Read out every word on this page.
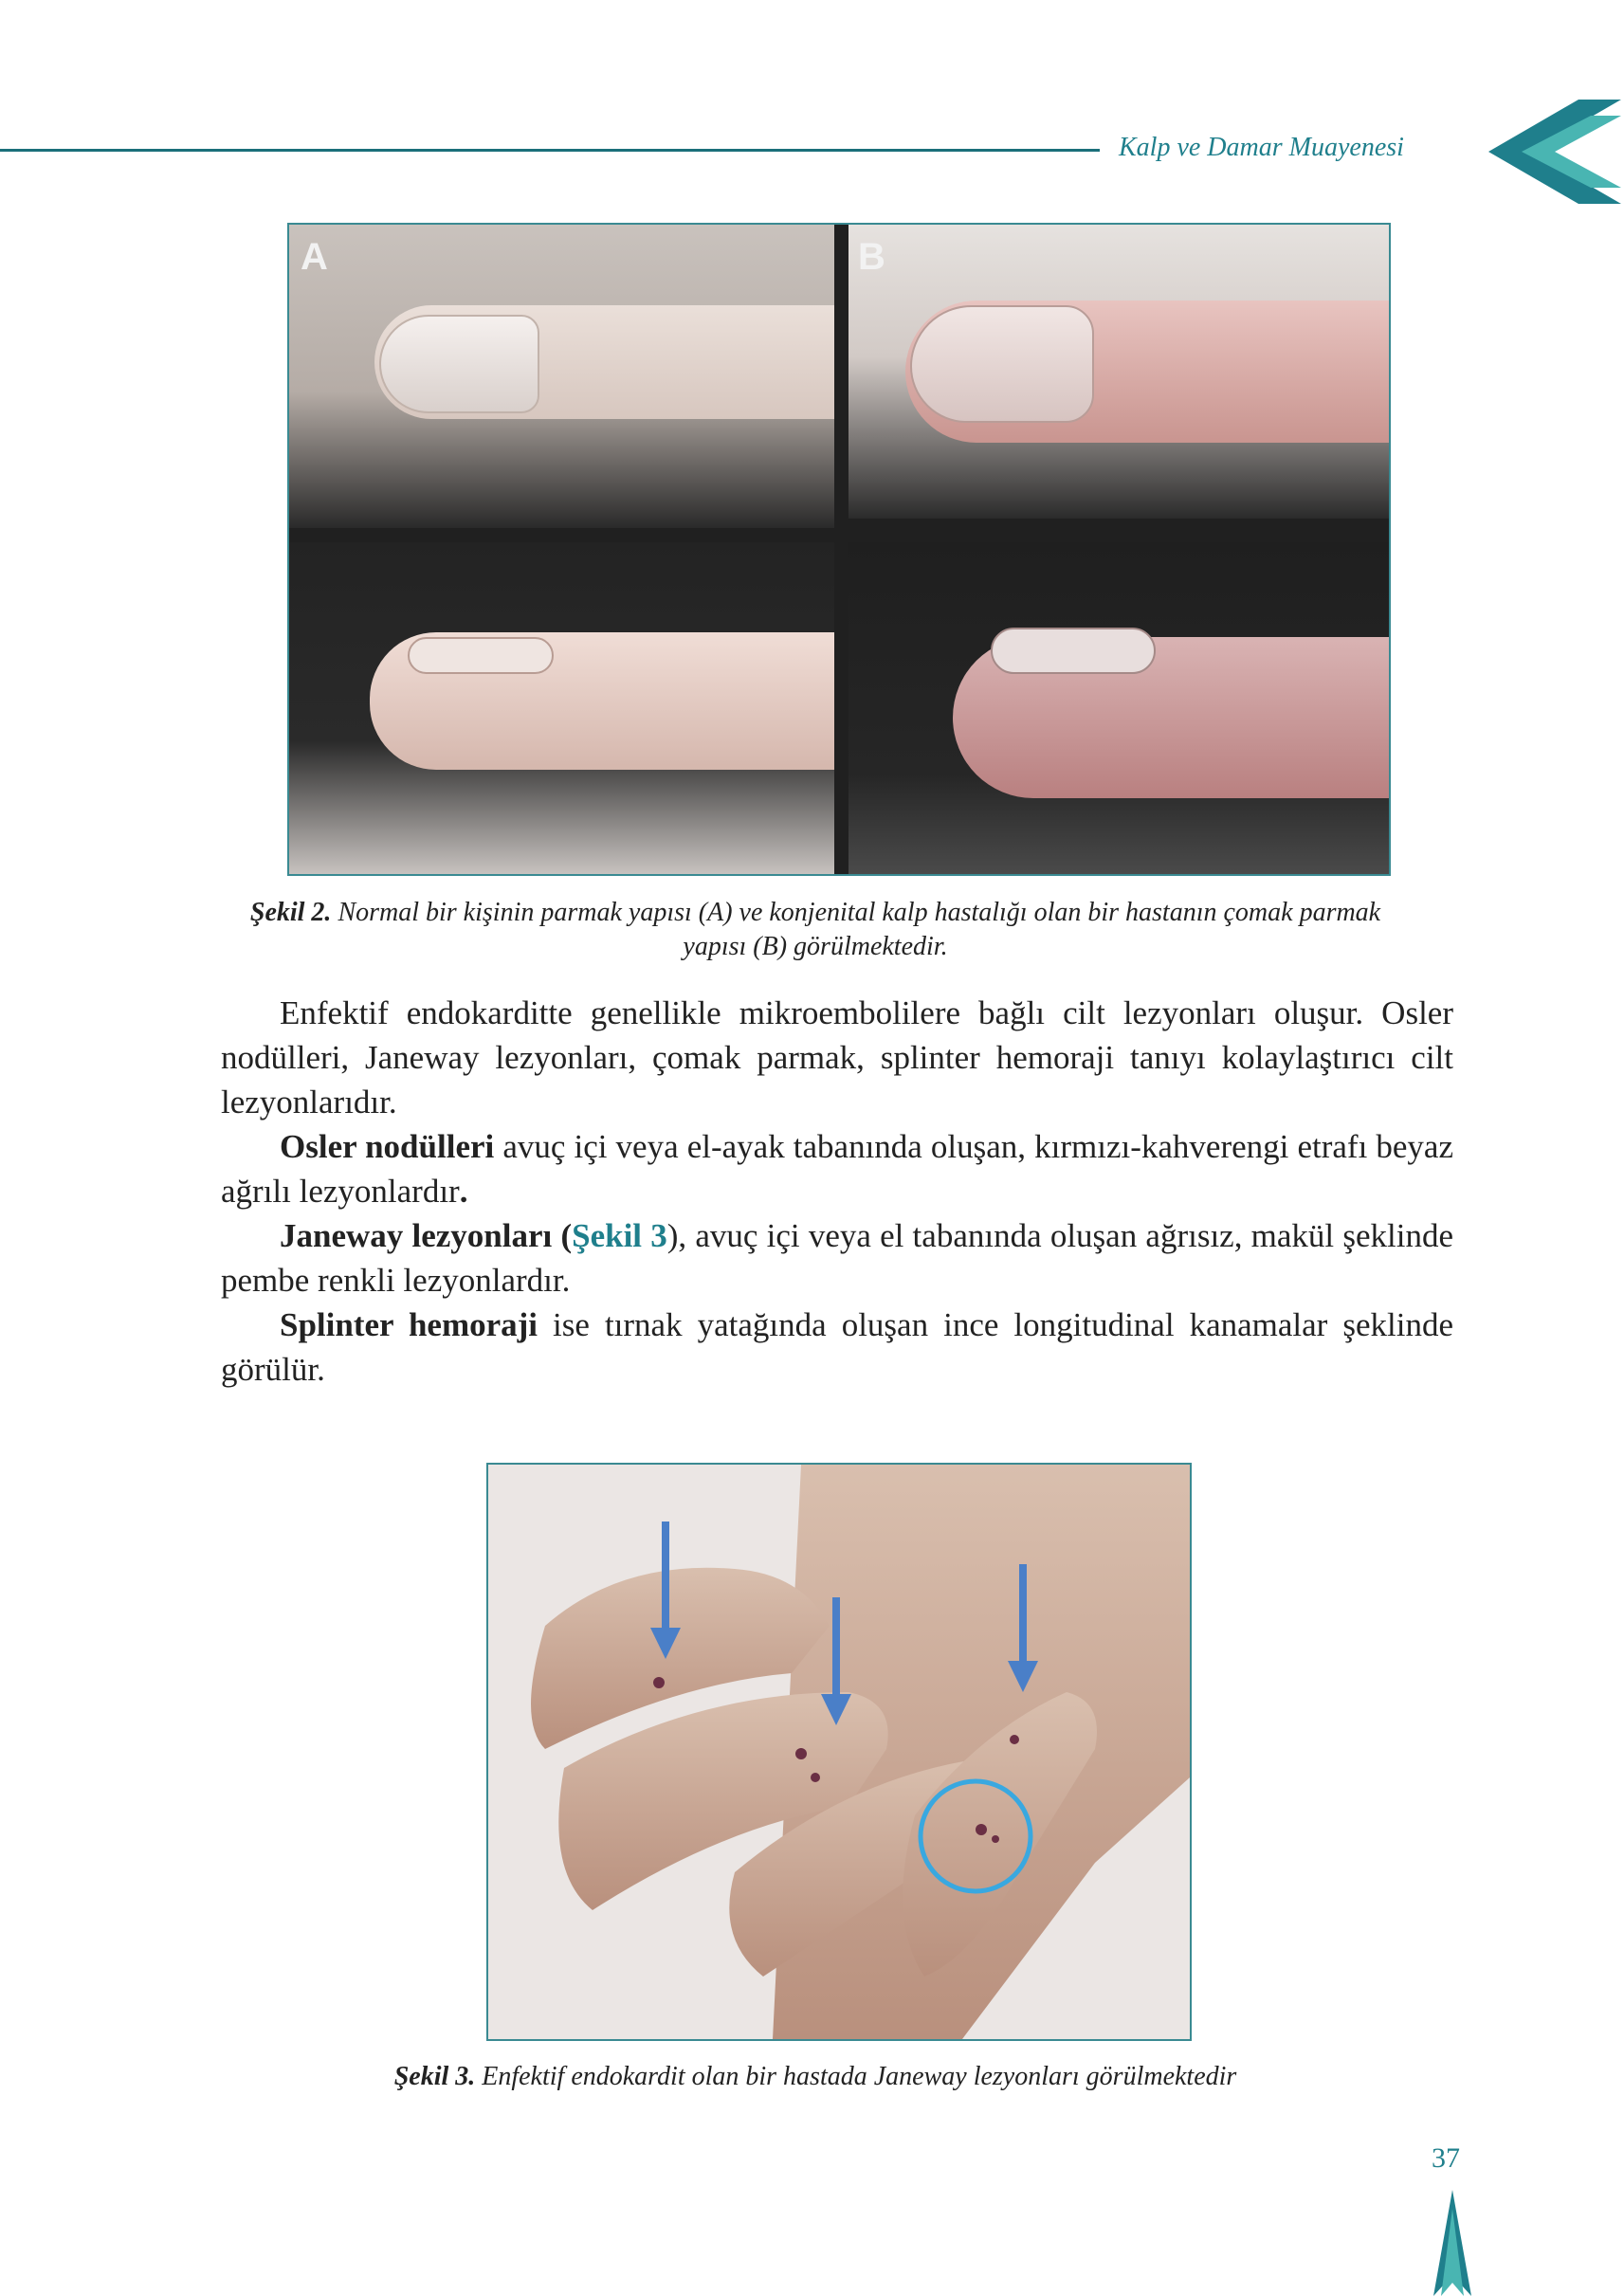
Kalp ve Damar Muayenesi
A	B
Şekil 2. Normal bir kişinin parmak yapısı (A) ve konjenital kalp hastalığı olan bir hastanın çomak parmak yapısı (B) görülmektedir.

Enfektif endokarditte genellikle mikroembolilere bağlı cilt lezyonları oluşur. Osler nodülleri, Janeway lezyonları, çomak parmak, splinter hemoraji tanıyı kolaylaştırıcı cilt lezyonlarıdır.

Osler nodülleri avuç içi veya el-ayak tabanında oluşan, kırmızı-kahverengi etrafı beyaz ağrılı lezyonlardır.

Janeway lezyonları (Şekil 3), avuç içi veya el tabanında oluşan ağrısız, makül şeklinde pembe renkli lezyonlardır.

Splinter hemoraji ise tırnak yatağında oluşan ince longitudinal kanamalar şeklinde görülür.

Şekil 3. Enfektif endokardit olan bir hastada Janeway lezyonları görülmektedir
37
